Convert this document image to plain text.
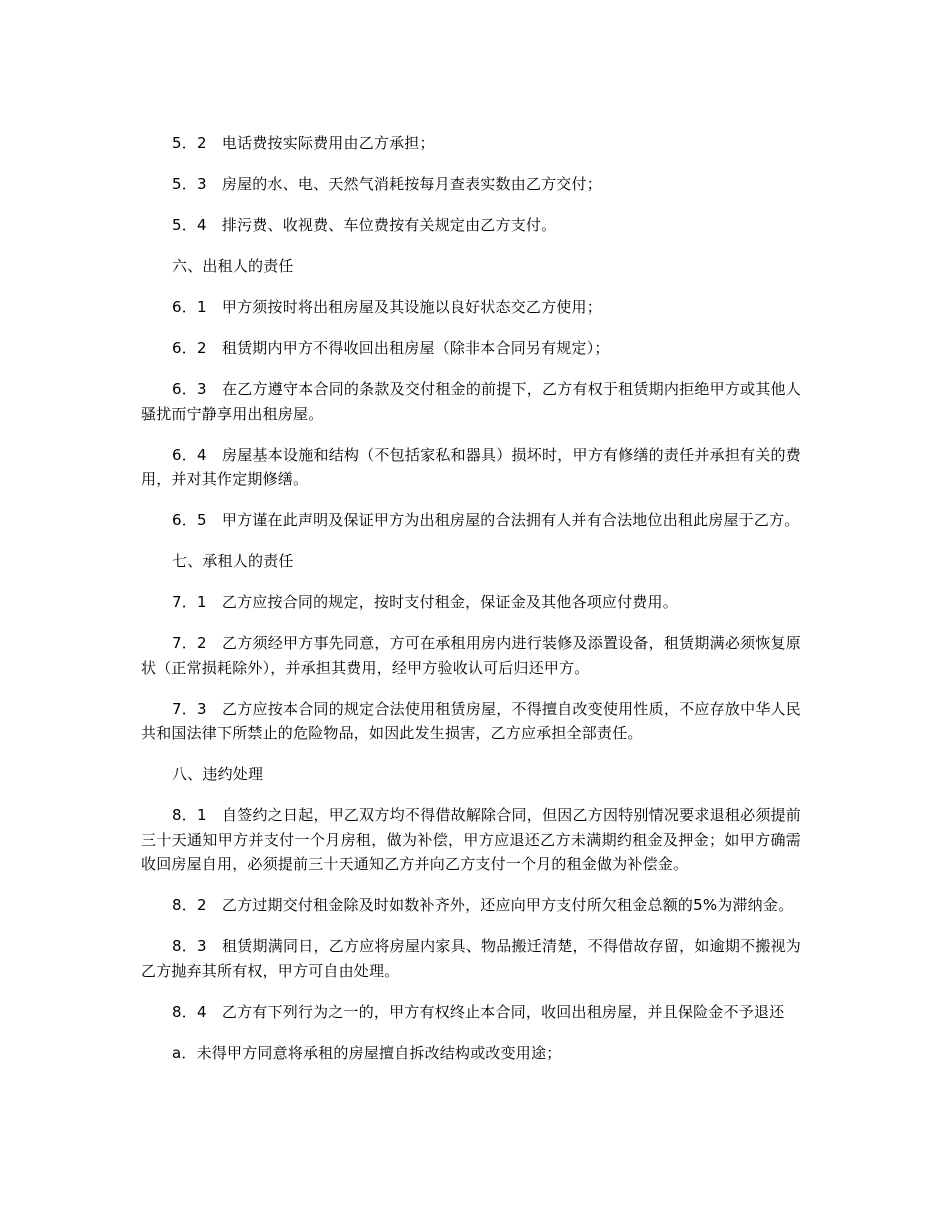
5．2　电话费按实际费用由乙方承担；

5．3　房屋的水、电、天然气消耗按每月查表实数由乙方交付；

5．4　排污费、收视费、车位费按有关规定由乙方支付。

六、出租人的责任

6．1　甲方须按时将出租房屋及其设施以良好状态交乙方使用；

6．2　租赁期内甲方不得收回出租房屋（除非本合同另有规定）；

6．3　在乙方遵守本合同的条款及交付租金的前提下，乙方有权于租赁期内拒绝甲方或其他人骚扰而宁静享用出租房屋。

6．4　房屋基本设施和结构（不包括家私和器具）损坏时，甲方有修缮的责任并承担有关的费用，并对其作定期修缮。

6．5　甲方谨在此声明及保证甲方为出租房屋的合法拥有人并有合法地位出租此房屋于乙方。

七、承租人的责任

7．1　乙方应按合同的规定，按时支付租金，保证金及其他各项应付费用。

7．2　乙方须经甲方事先同意，方可在承租用房内进行装修及添置设备，租赁期满必须恢复原状（正常损耗除外），并承担其费用，经甲方验收认可后归还甲方。

7．3　乙方应按本合同的规定合法使用租赁房屋，不得擅自改变使用性质，不应存放中华人民共和国法律下所禁止的危险物品，如因此发生损害，乙方应承担全部责任。

八、违约处理

8．1　自签约之日起，甲乙双方均不得借故解除合同，但因乙方因特别情况要求退租必须提前三十天通知甲方并支付一个月房租，做为补偿，甲方应退还乙方未满期约租金及押金；如甲方确需收回房屋自用，必须提前三十天通知乙方并向乙方支付一个月的租金做为补偿金。

8．2　乙方过期交付租金除及时如数补齐外，还应向甲方支付所欠租金总额的5%为滞纳金。

8．3　租赁期满同日，乙方应将房屋内家具、物品搬迁清楚，不得借故存留，如逾期不搬视为乙方抛弃其所有权，甲方可自由处理。

8．4　乙方有下列行为之一的，甲方有权终止本合同，收回出租房屋，并且保险金不予退还

a．未得甲方同意将承租的房屋擅自拆改结构或改变用途；
